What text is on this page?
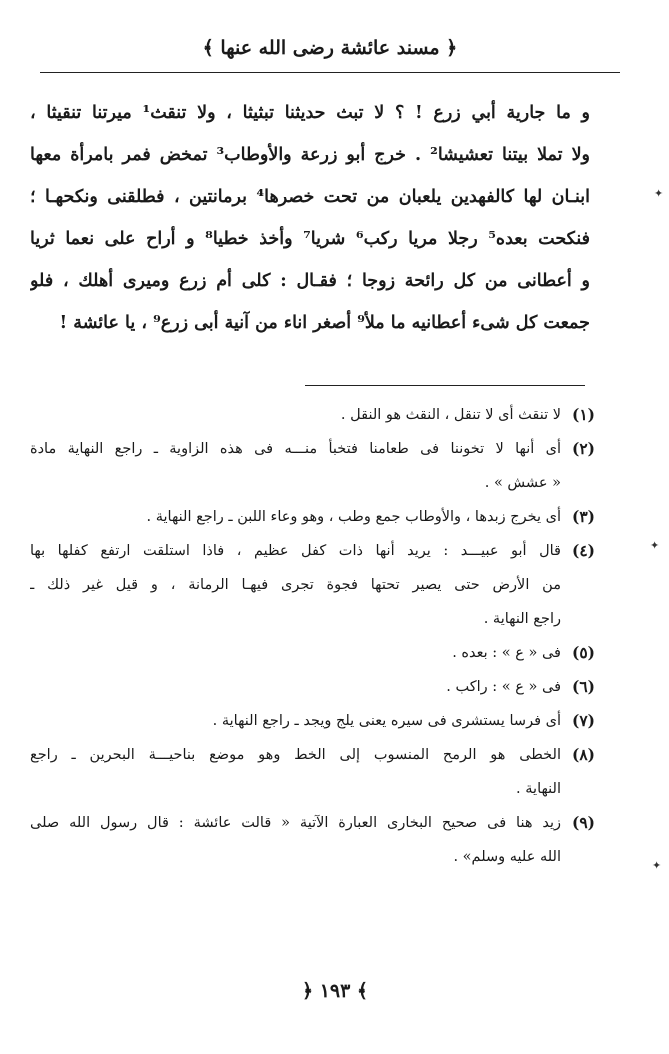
﴿ مسند عائشة رضى الله عنها ﴾
و ما جارية أبي زرع ! ؟ لا تبث حديثنا تبثيثا ، ولا تنقث¹ ميرتنا تنقيثا ،
ولا تملا بيتنا تعشيشا² . خرج أبو زرعة والأوطاب³ تمخض فمر بامرأة معها
ابنـان لها كالفهدين يلعبان من تحت خصرها⁴ برمانتين ، فطلقنى ونكحهـا ؛
فنكحت بعده⁵ رجلا مريا ركب⁶ شريا⁷ وأخذ خطيا⁸ و أراح على نعما ثريا
و أعطانى من كل رائحة زوجا ؛ فقـال : كلى أم زرع وميرى أهلك ، فلو
جمعت كل شىء أعطانيه ما ملأ⁹ أصغر اناء من آنية أبى زرع⁹ ، يا عائشة !
(١)
لا تنقث أى لا تنقل ، النقث هو النقل .
(٢)
أى أنها لا تخوننا فى طعامنا فتخبأ منـــه فى هذه الزاوية ـ راجع النهاية مادة
« عشش » .
(٣)
أى يخرج زبدها ، والأوطاب جمع وطب ، وهو وعاء اللبن ـ راجع النهاية .
(٤)
قال أبو عبيـــد : يريد أنها ذات كفل عظيم ، فاذا استلقت ارتفع كفلها بها
من الأرض حتى يصير تحتها فجوة تجرى فيهـا الرمانة ، و قيل غير ذلك ـ
راجع النهاية .
(٥)
فى « ع » : بعده .
(٦)
فى « ع » : راكب .
(٧)
أى فرسا يستشرى فى سيره يعنى يلج ويجد ـ راجع النهاية .
(٨)
الخطى هو الرمح المنسوب إلى الخط وهو موضع بناحيـــة البحرين ـ راجع
النهاية .
(٩)
زيد هنا فى صحيح البخارى العبارة الآتية « قالت عائشة : قال رسول الله صلى
الله عليه وسلم» .
﴾ ١٩٣ ﴿
✦
✦
✦
